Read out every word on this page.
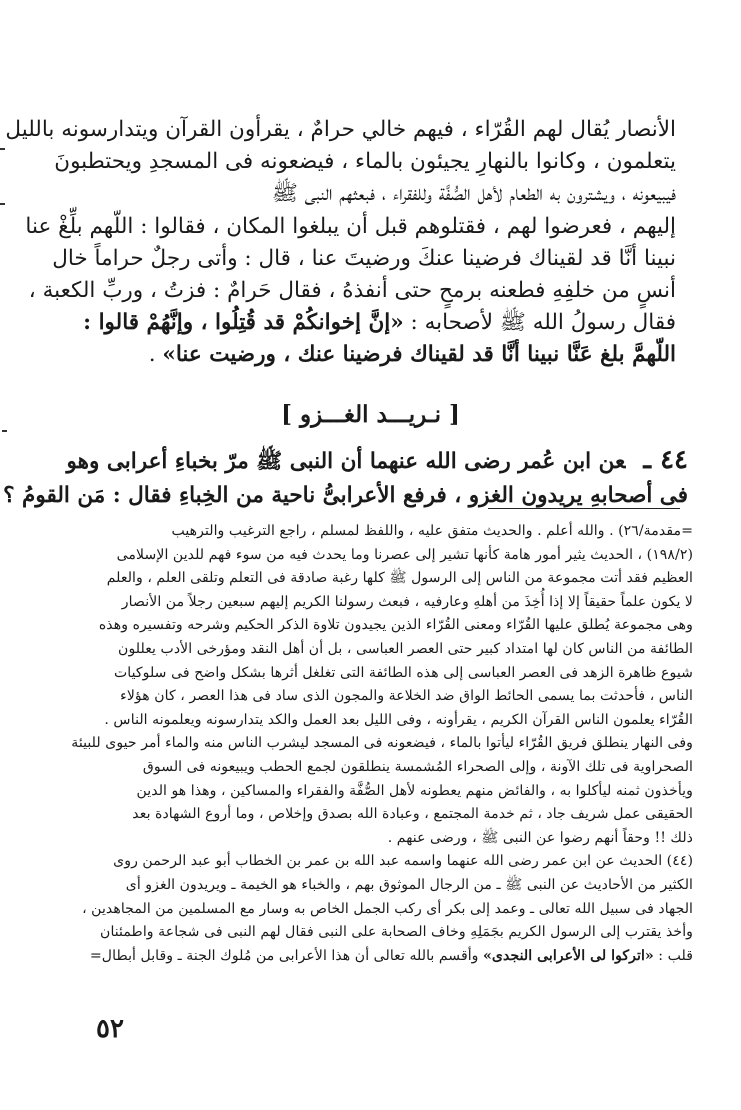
الأنصار يُقال لهم القُرّاء ، فيهم خالي حرامٌ ، يقرأون القرآن ويتدارسونه بالليل
يتعلمون ، وكانوا بالنهارِ يجيئون بالماء ، فيضعونه فى المسجدِ ويحتطبونَ
فيبيعونه ، ويشترون به الطعام لأهل الصُّفَّة وللفقراء ، فبعثهم النبى ﷺ
إليهم ، فعرضوا لهم ، فقتلوهم قبل أن يبلغوا المكان ، فقالوا : اللّهم بلِّغْ عنا
نبينا أنَّا قد لقيناك فرضينا عنكَ ورضيتَ عنا ، قال : وأتى رجلٌ حراماً خال
أنسٍ من خلفِهِ فطعنه برمحٍ حتى أنفذهُ ، فقال حَرامٌ : فزتُ ، وربِّ الكعبة ،
فقال رسولُ الله ﷺ لأصحابه : «إنَّ إخوانكُمْ قد قُتِلُوا ، وإنَّهُمْ قالوا :
اللّهمَّ بلغ عَنَّا نبينا أنَّا قد لقيناك فرضينا عنك ، ورضيت عنا» .
[ نـريـــد الغـــزو ]
٤٤ ـعن ابن عُمر رضى الله عنهما أن النبى ﷺ مرّ بخباءِ أعرابى وهو
فى أصحابهِ يريدون الغزو ، فرفع الأعرابىُّ ناحية من الخِباءِ فقال : مَن القومُ ؟
=مقدمة/٢٦) . والله أعلم . والحديث متفق عليه ، واللفظ لمسلم ، راجع الترغيب والترهيب
(١٩٨/٢) ، الحديث يثير أمور هامة كأنها تشير إلى عصرنا وما يحدث فيه من سوء فهم للدين الإسلامى
العظيم فقد أتت مجموعة من الناس إلى الرسول ﷺ كلها رغبة صادقة فى التعلم وتلقى العلم ، والعلم
لا يكون علماً حقيقاً إلا إذا أُخِذَ من أهلهِ وعارفيه ، فبعث رسولنا الكريم إليهم سبعين رجلاً من الأنصار
وهى مجموعة يُطلق عليها القُرّاء ومعنى القُرّاء الذين يجيدون تلاوة الذكر الحكيم وشرحه وتفسيره وهذه
الطائفة من الناس كان لها امتداد كبير حتى العصر العباسى ، بل أن أهل النقد ومؤرخى الأدب يعللون
شيوع ظاهرة الزهد فى العصر العباسى إلى هذه الطائفة التى تغلغل أثرها بشكل واضح فى سلوكيات
الناس ، فأحدثت بما يسمى الحائط الواق ضد الخلاعة والمجون الذى ساد فى هذا العصر ، كان هؤلاء
القُرّاء يعلمون الناس القرآن الكريم ، يقرأونه ، وفى الليل بعد العمل والكد يتدارسونه ويعلمونه الناس .
وفى النهار ينطلق فريق القُرّاء ليأتوا بالماء ، فيضعونه فى المسجد ليشرب الناس منه والماء أمر حيوى للبيئة
الصحراوية فى تلك الآونة ، وإلى الصحراء المُشمسة ينطلقون لجمع الحطب ويبيعونه فى السوق
ويأخذون ثمنه ليأكلوا به ، والفائض منهم يعطونه لأهل الصُّفَّة والفقراء والمساكين ، وهذا هو الدين
الحقيقى عمل شريف جاد ، ثم خدمة المجتمع ، وعبادة الله بصدق وإخلاص ، وما أروع الشهادة بعد
ذلك !! وحقاً أنهم رضوا عن النبى ﷺ ، ورضى عنهم .
(٤٤) الحديث عن ابن عمر رضى الله عنهما واسمه عبد الله بن عمر بن الخطاب أبو عبد الرحمن روى
الكثير من الأحاديث عن النبى ﷺ ـ من الرجال الموثوق بهم ، والخباء هو الخيمة ـ ويريدون الغزو أى
الجهاد فى سبيل الله تعالى ـ وعمد إلى بكر أى ركب الجمل الخاص به وسار مع المسلمين من المجاهدين ،
وأخذ يقترب إلى الرسول الكريم بجَمَلِهِ وخاف الصحابة على النبى فقال لهم النبى فى شجاعة واطمئنان
قلب : «اتركوا لى الأعرابى النجدى» وأقسم بالله تعالى أن هذا الأعرابى من مُلوك الجنة ـ وقابل أبطال=
٥٢
